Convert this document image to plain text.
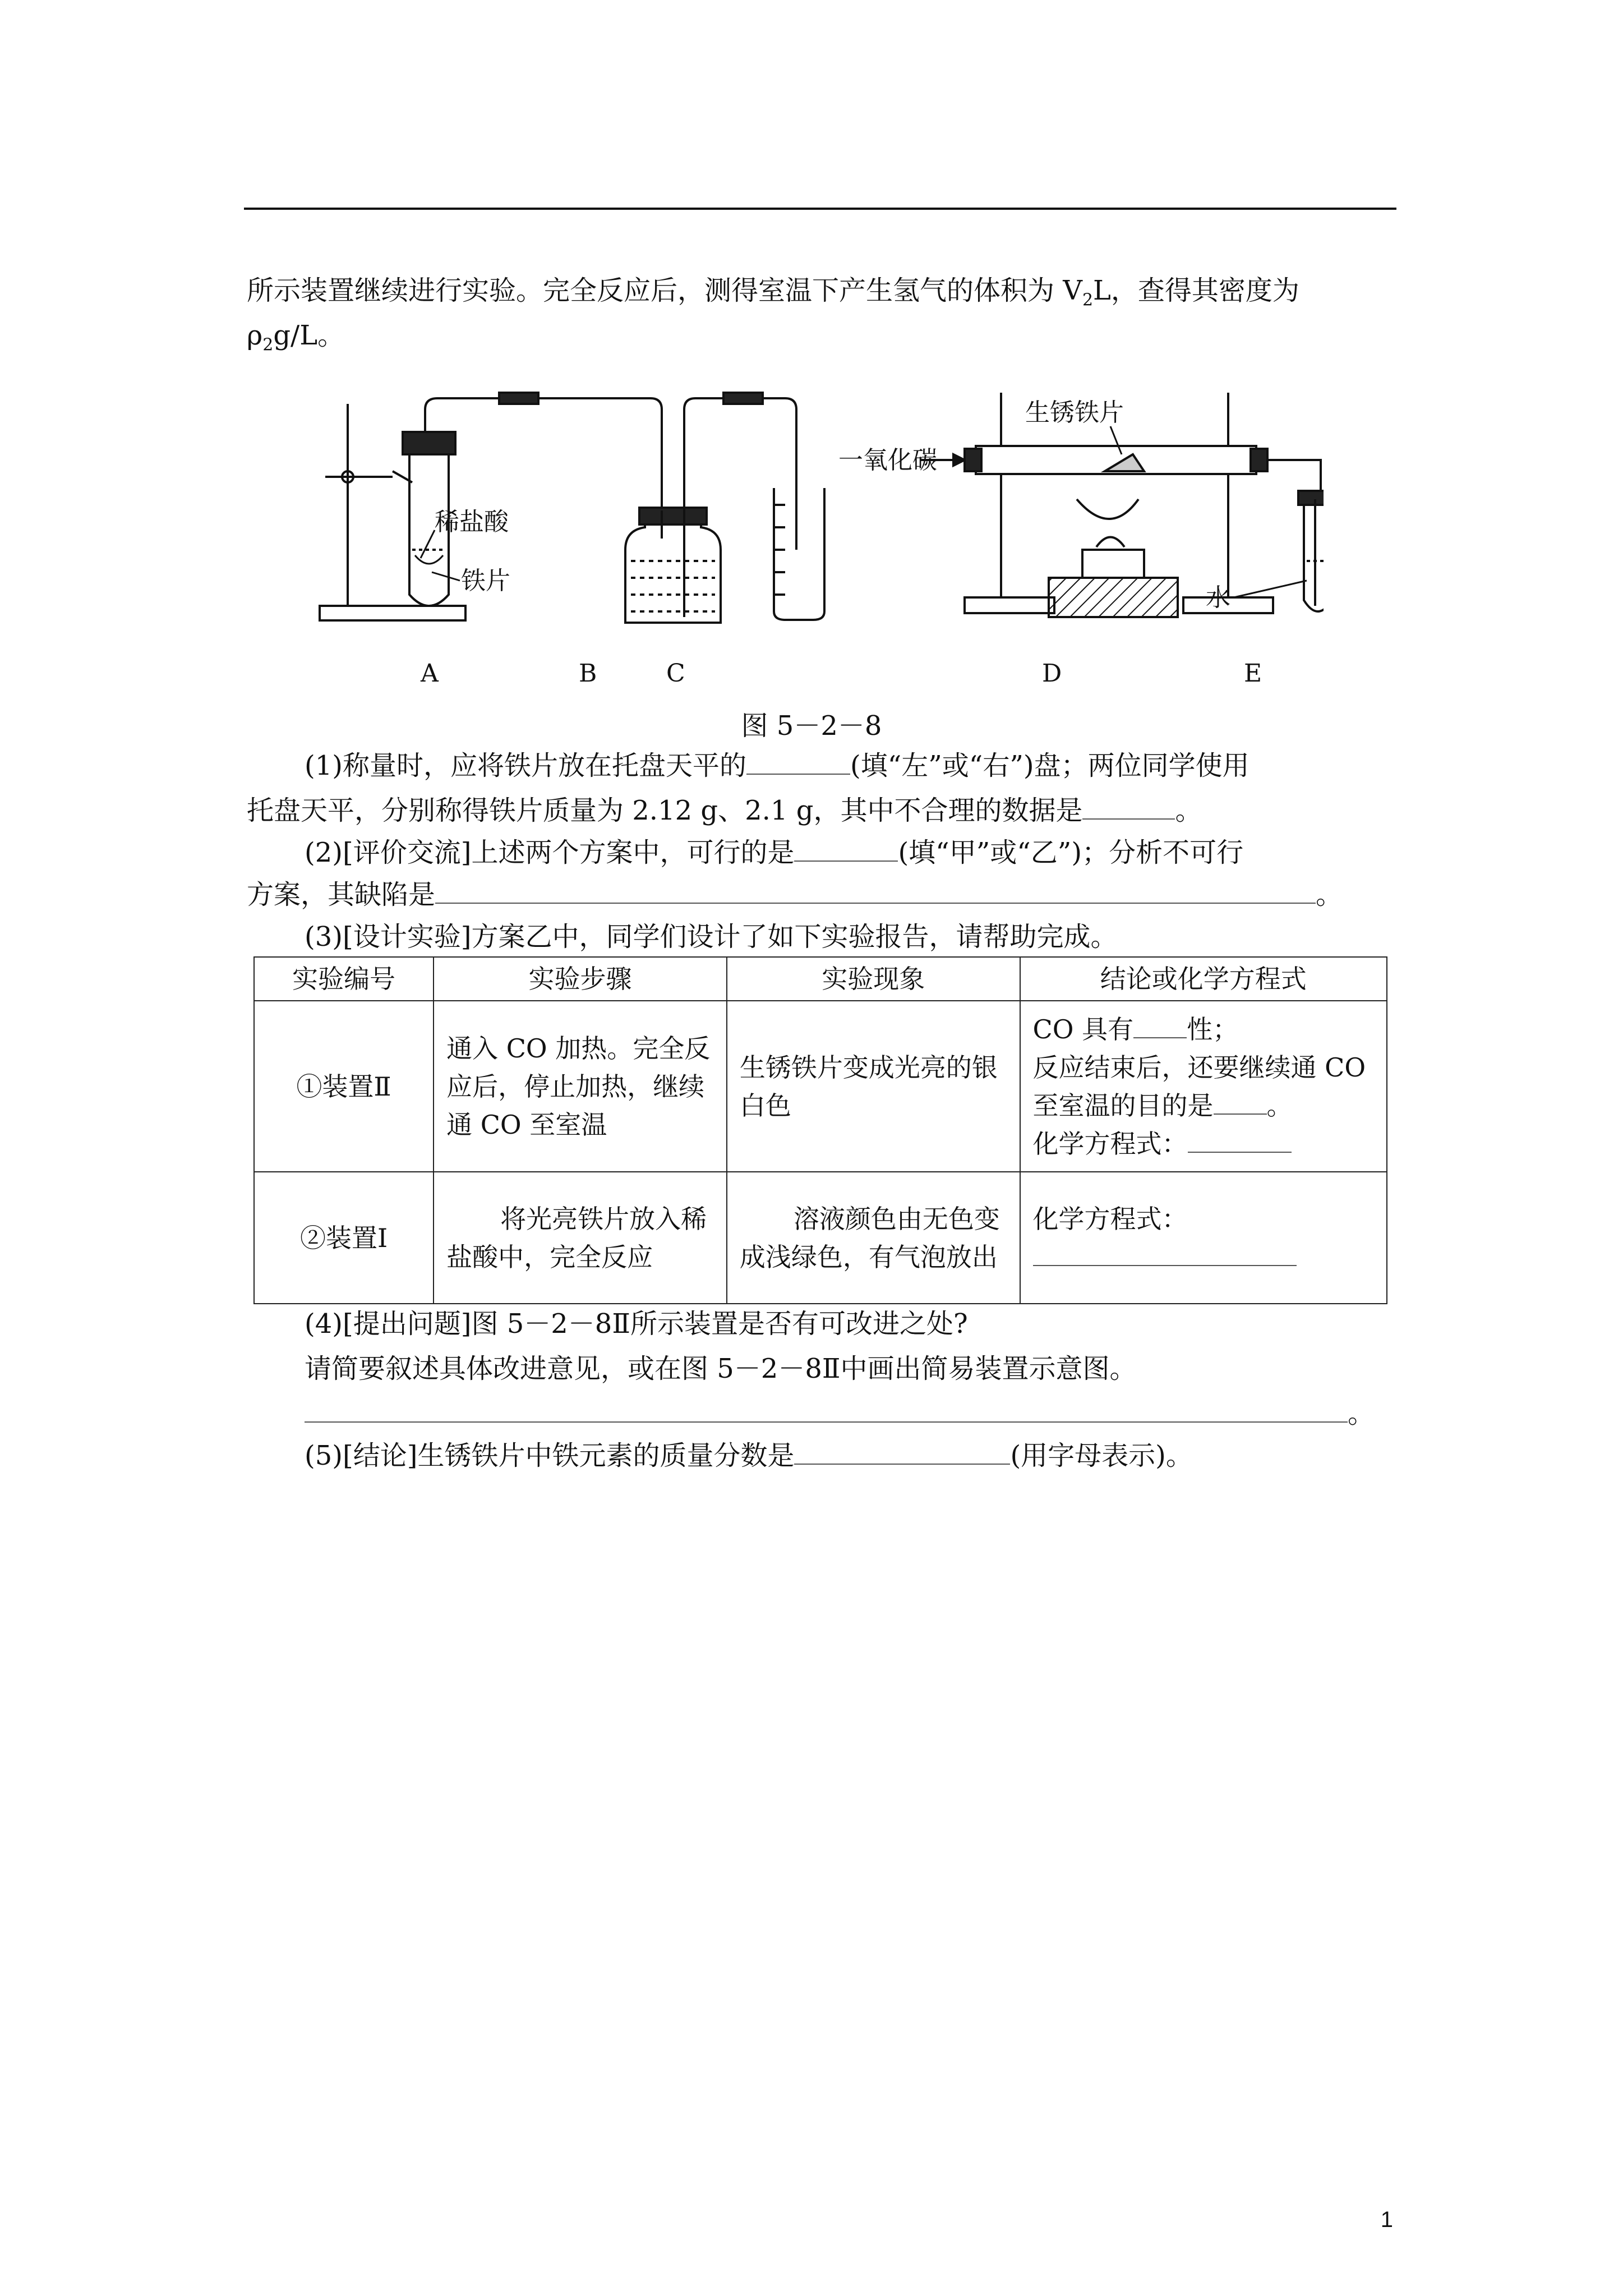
所示装置继续进行实验。完全反应后，测得室温下产生氢气的体积为 $V_2L$，查得其密度为
$\rho_2g/L$。
稀盐酸
铁片
一氧化碳
生锈铁片
水
A	B	C	D	E
图 5－2－8
(1)称量时，应将铁片放在托盘天平的	(填“左”或“右”)盘；两位同学使用
托盘天平，分别称得铁片质量为 2.12 g、2.1 g，其中不合理的数据是	。
(2)[评价交流]上述两个方案中，可行的是	(填“甲”或“乙”)；分析不可行
方案，其缺陷是	。
(3)[设计实验]方案乙中，同学们设计了如下实验报告，请帮助完成。
实验编号	实验步骤	实验现象	结论或化学方程式
①装置Ⅱ	通入 CO 加热。完全反应后，停止加热，继续通 CO 至室温	生锈铁片变成光亮的银白色	CO 具有 性；
反应结束后，还要继续通 CO 至室温的目的是 。
化学方程式：

②装置Ⅰ	将光亮铁片放入稀盐酸中，完全反应	溶液颜色由无色变成浅绿色，有气泡放出	化学方程式：
(4)[提出问题]图 5－2－8Ⅱ所示装置是否有可改进之处?
请简要叙述具体改进意见，或在图 5－2－8Ⅱ中画出简易装置示意图。
。
(5)[结论]生锈铁片中铁元素的质量分数是	(用字母表示)。
1
